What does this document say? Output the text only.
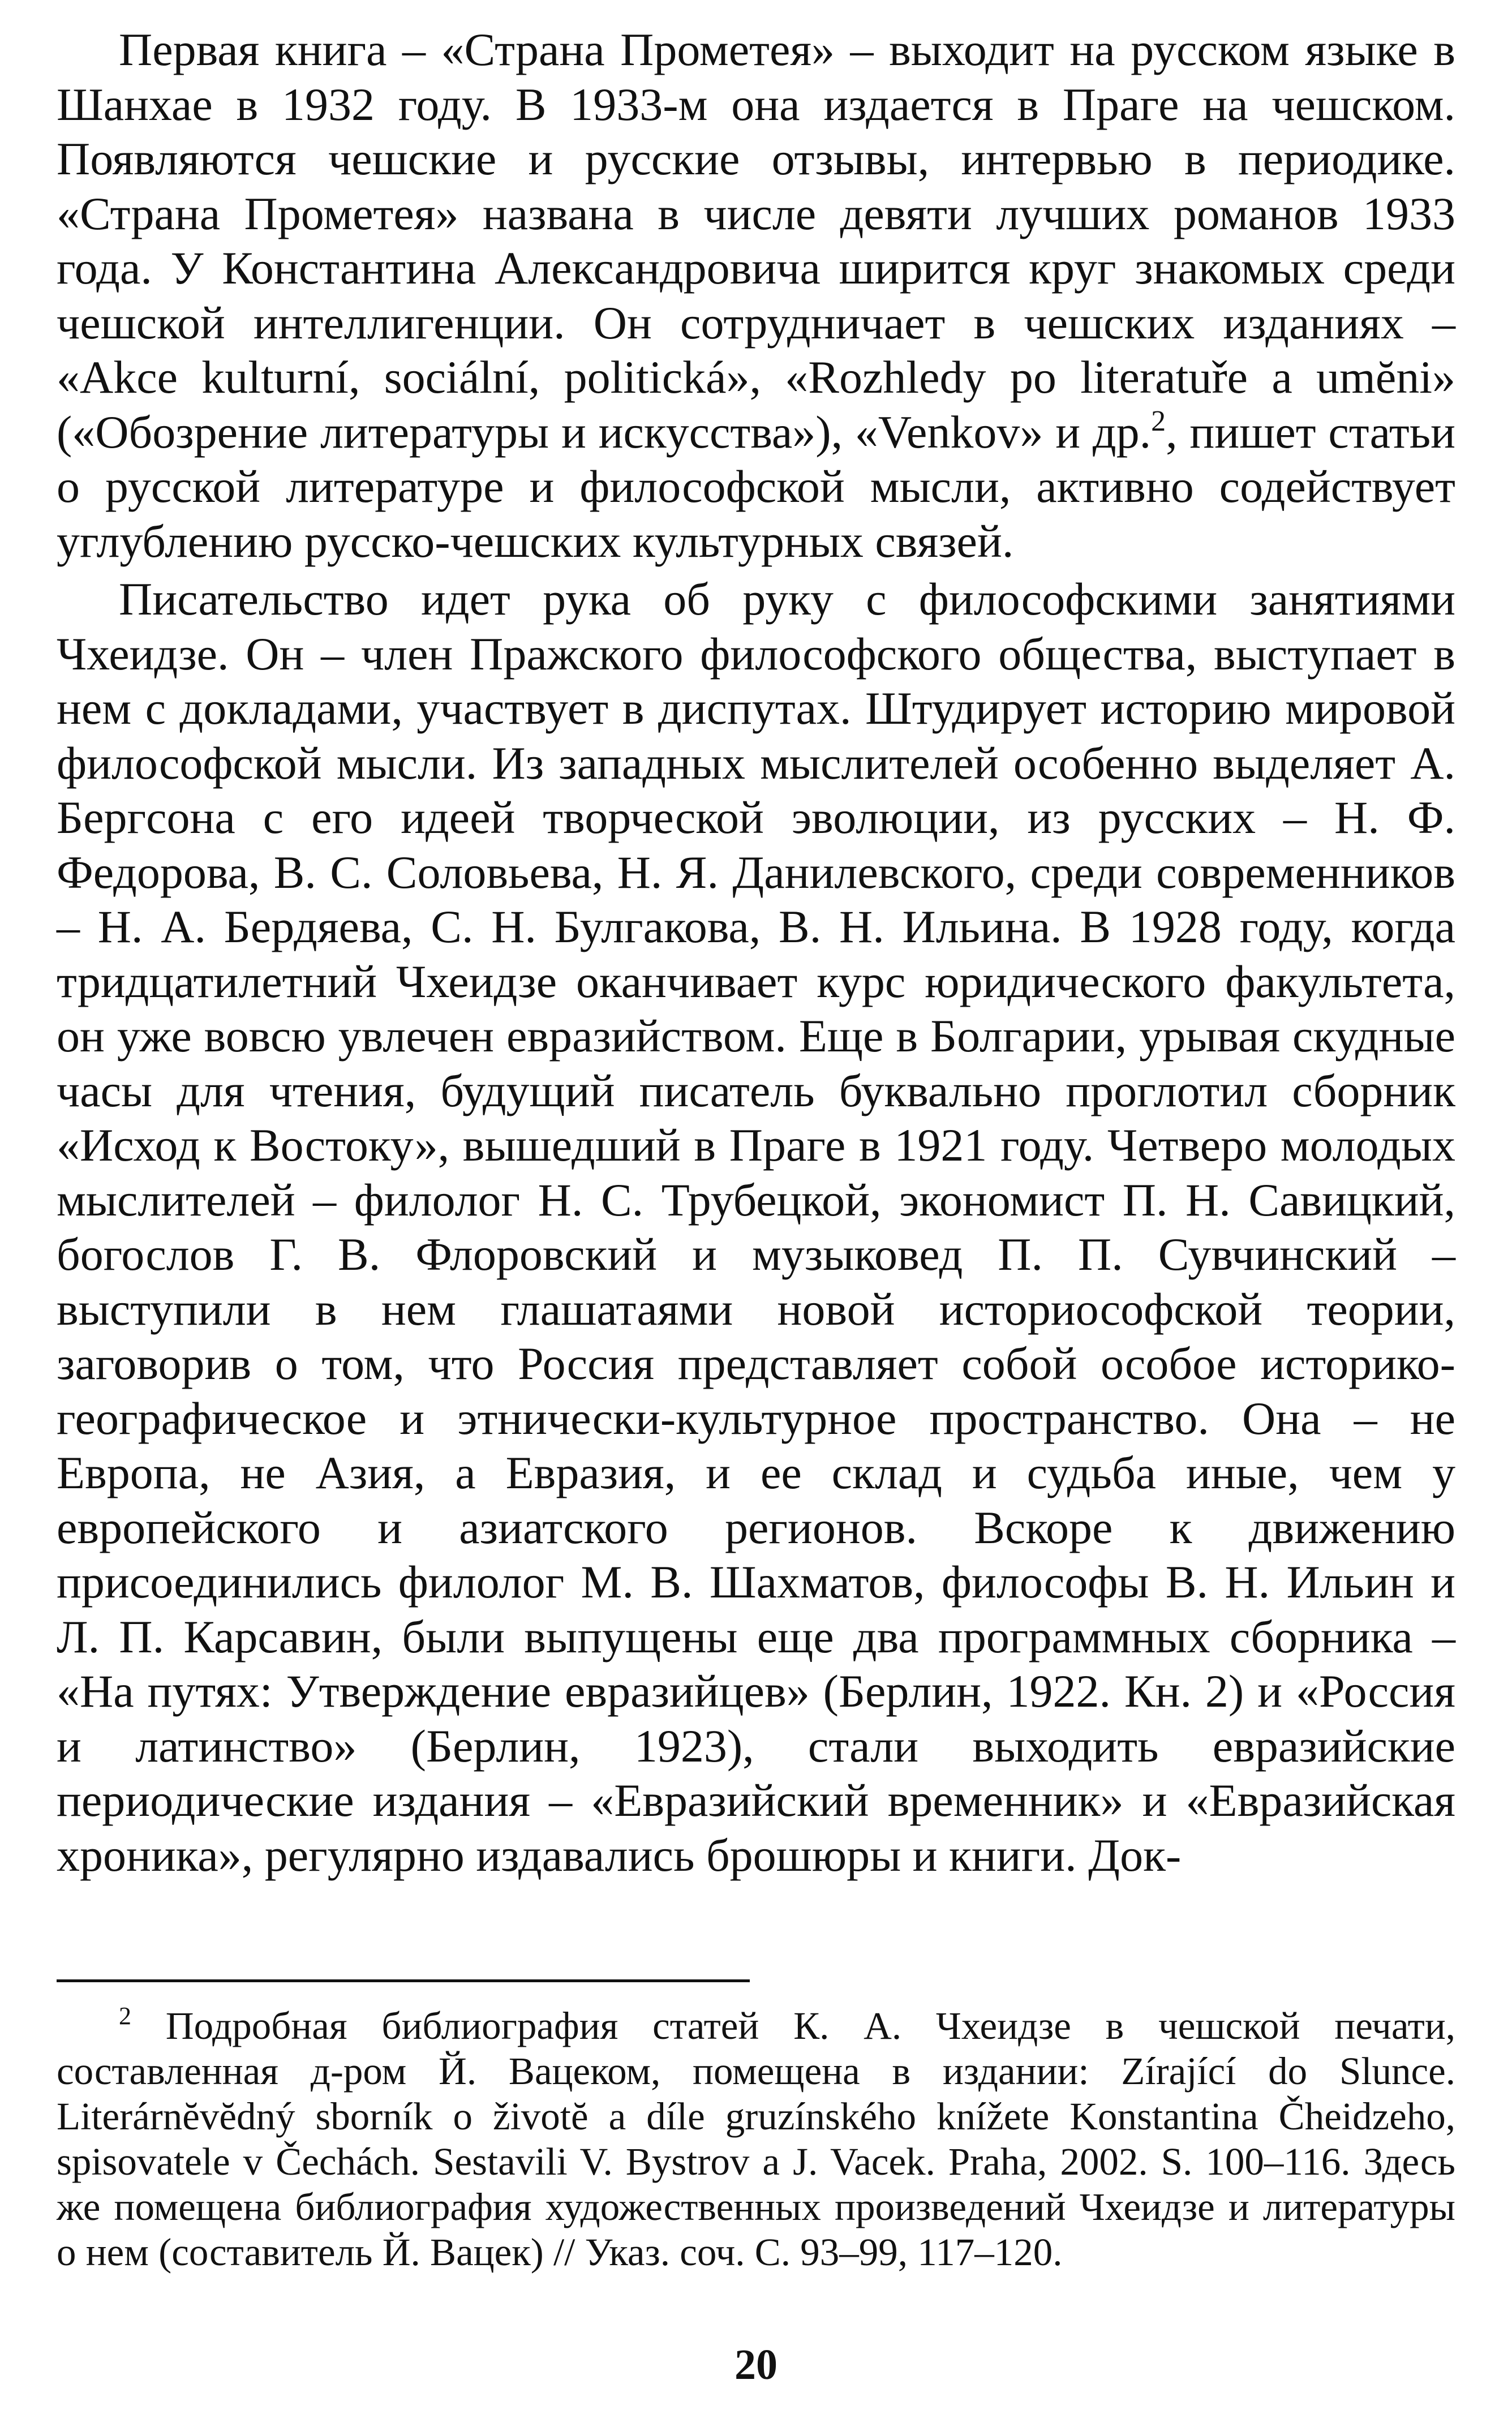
Первая книга – «Страна Прометея» – выходит на русском языке в Шанхае в 1932 году. В 1933-м она издается в Праге на чешском. Появляются чешские и русские отзывы, интервью в периодике. «Страна Прометея» названа в числе девяти лучших романов 1933 года. У Константина Александровича ширится круг знакомых среди чешской интеллигенции. Он сотрудничает в чешских изданиях – «Akce kulturní, sociální, politická», «Rozhledy po literatuře a umĕni» («Обозрение литературы и искусства»), «Venkov» и др.$^2$, пишет статьи о русской литературе и философской мысли, активно содействует углублению русско-чешских культурных связей.

Писательство идет рука об руку с философскими занятиями Чхеидзе. Он – член Пражского философского общества, выступает в нем с докладами, участвует в диспутах. Штудирует историю мировой философской мысли. Из западных мыслителей особенно выделяет А. Бергсона с его идеей творческой эволюции, из русских – Н. Ф. Федорова, В. С. Соловьева, Н. Я. Данилевского, среди современников – Н. А. Бердяева, С. Н. Булгакова, В. Н. Ильина. В 1928 году, когда тридцатилетний Чхеидзе оканчивает курс юридического факультета, он уже вовсю увлечен евразийством. Еще в Болгарии, урывая скудные часы для чтения, будущий писатель буквально проглотил сборник «Исход к Востоку», вышедший в Праге в 1921 году. Четверо молодых мыслителей – филолог Н. С. Трубецкой, экономист П. Н. Савицкий, богослов Г. В. Флоровский и музыковед П. П. Сувчинский – выступили в нем глашатаями новой историософской теории, заговорив о том, что Россия представляет собой особое историко-географическое и этнически-культурное пространство. Она – не Европа, не Азия, а Евразия, и ее склад и судьба иные, чем у европейского и азиатского регионов. Вскоре к движению присоединились филолог М. В. Шахматов, философы В. Н. Ильин и Л. П. Карсавин, были выпущены еще два программных сборника – «На путях: Утверждение евразийцев» (Берлин, 1922. Кн. 2) и «Россия и латинство» (Берлин, 1923), стали выходить евразийские периодические издания – «Евразийский временник» и «Евразийская хроника», регулярно издавались брошюры и книги. Док-

$^2$ Подробная библиография статей К. А. Чхеидзе в чешской печати, составленная д-ром Й. Вацеком, помещена в издании: Zírající do Slunce. Literárnĕvĕdný sborník o životĕ a díle gruzínského knížete Konstantina Čheidzeho, spisovatele v Čechách. Sestavili V. Bystrov a J. Vacek. Praha, 2002. S. 100–116. Здесь же помещена библиография художественных произведений Чхеидзе и литературы о нем (составитель Й. Вацек) // Указ. соч. С. 93–99, 117–120.

20
